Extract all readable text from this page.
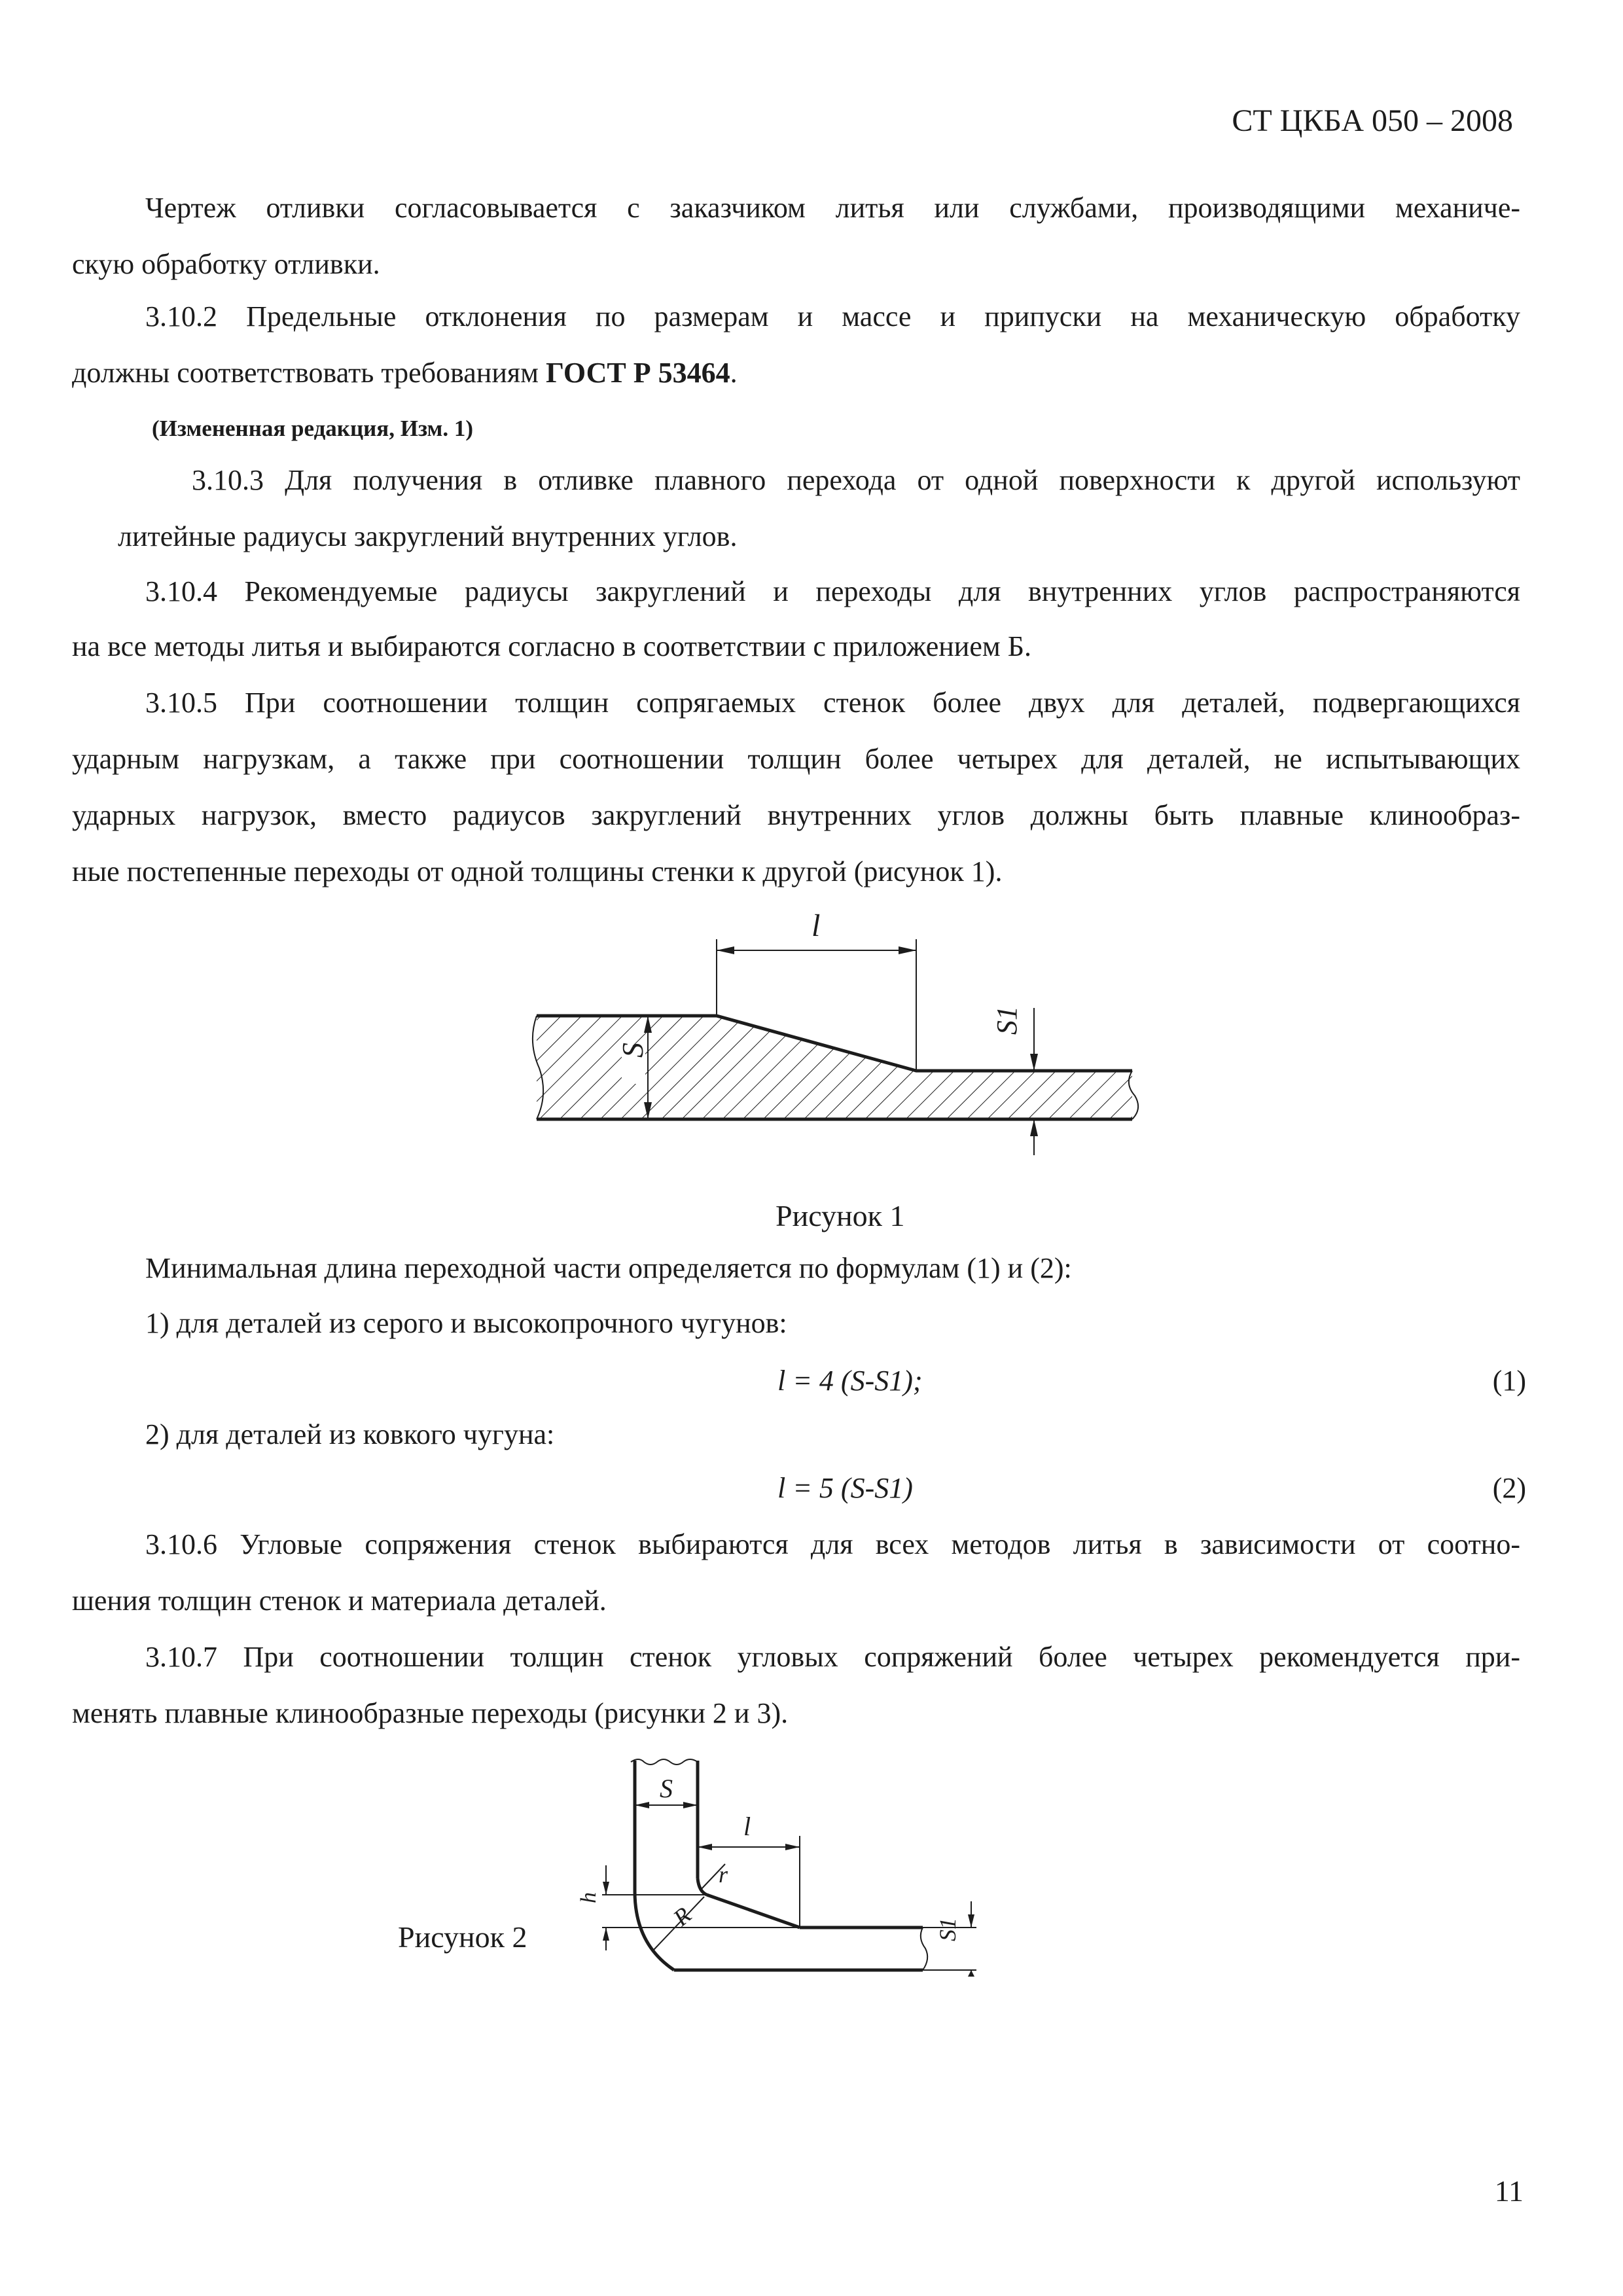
СТ ЦКБА 050 – 2008

Чертеж отливки согласовывается с заказчиком литья или службами, производящими механиче-

скую обработку отливки.

3.10.2 Предельные отклонения по размерам и массе и припуски на механическую обработку

должны соответствовать требованиям ГОСТ Р 53464.

(Измененная редакция, Изм. 1)

3.10.3 Для получения в отливке плавного перехода от одной поверхности к другой используют

литейные радиусы закруглений внутренних углов.

3.10.4 Рекомендуемые радиусы закруглений и переходы для внутренних углов распространяются

на все методы литья и выбираются согласно в соответствии с приложением Б.

3.10.5 При соотношении толщин сопрягаемых стенок более двух для деталей, подвергающихся

ударным нагрузкам, а также при соотношении толщин более четырех для деталей, не испытывающих

ударных нагрузок, вместо радиусов закруглений внутренних углов должны быть плавные клинообраз-

ные постепенные переходы от одной толщины стенки к другой (рисунок 1).

l
S
S1

Рисунок 1

Минимальная длина переходной части определяется по формулам (1) и (2):

1) для деталей из серого и высокопрочного чугунов:

l = 4 (S-S1);	(1)

2) для деталей из ковкого чугуна:

l = 5 (S-S1)	(2)

3.10.6 Угловые сопряжения стенок выбираются для всех методов литья в зависимости от соотно-

шения толщин стенок и материала деталей.

3.10.7 При соотношении толщин стенок угловых сопряжений более четырех рекомендуется при-

менять плавные клинообразные переходы (рисунки 2 и 3).

Рисунок 2

S
l
r
R
h
S1

11
